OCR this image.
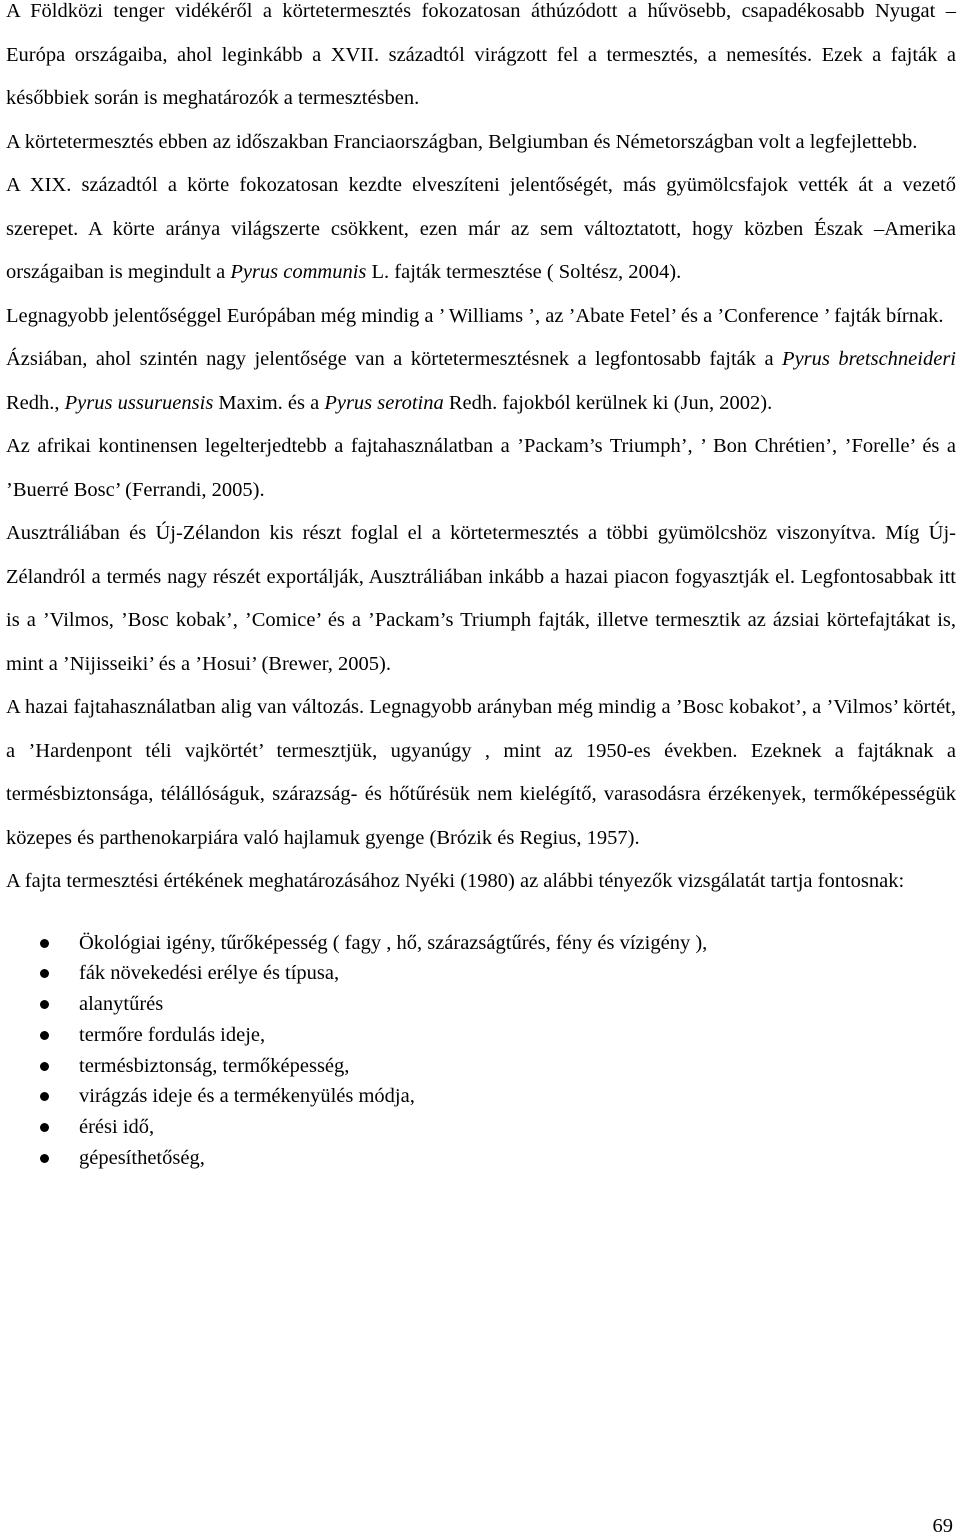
A Földközi tenger vidékéről a körtetermesztés fokozatosan áthúzódott a hűvösebb, csapadékosabb Nyugat – Európa országaiba, ahol leginkább a XVII. századtól virágzott fel a termesztés, a nemesítés. Ezek a fajták a későbbiek során is meghatározók a termesztésben.

A körtetermesztés ebben az időszakban Franciaországban, Belgiumban és Németországban volt a legfejlettebb.

A XIX. századtól a körte fokozatosan kezdte elveszíteni jelentőségét, más gyümölcsfajok vették át a vezető szerepet. A körte aránya világszerte csökkent, ezen már az sem változtatott, hogy közben Észak –Amerika országaiban is megindult a Pyrus communis L. fajták termesztése ( Soltész, 2004).

Legnagyobb jelentőséggel Európában még mindig a ’ Williams ’, az ’Abate Fetel’ és a ’Conference ’ fajták bírnak.

Ázsiában, ahol szintén nagy jelentősége van a körtetermesztésnek a legfontosabb fajták a Pyrus bretschneideri Redh., Pyrus ussuruensis Maxim. és a Pyrus serotina Redh. fajokból kerülnek ki (Jun, 2002).

Az afrikai kontinensen legelterjedtebb a fajtahasználatban a ’Packam’s Triumph’, ’ Bon Chrétien’, ’Forelle’ és a ’Buerré Bosc’ (Ferrandi, 2005).

Ausztráliában és Új-Zélandon kis részt foglal el a körtetermesztés a többi gyümölcshöz viszonyítva. Míg Új- Zélandról a termés nagy részét exportálják, Ausztráliában inkább a hazai piacon fogyasztják el. Legfontosabbak itt is a ’Vilmos, ’Bosc kobak’, ’Comice’ és a ’Packam’s Triumph fajták, illetve termesztik az ázsiai körtefajtákat is, mint a ’Nijisseiki’ és a ’Hosui’ (Brewer, 2005).

A hazai fajtahasználatban alig van változás. Legnagyobb arányban még mindig a ’Bosc kobakot’, a ’Vilmos’ körtét, a ’Hardenpont téli vajkörtét’ termesztjük, ugyanúgy , mint az 1950-es években. Ezeknek a fajtáknak a termésbiztonsága, télállóságuk, szárazság- és hőtűrésük nem kielégítő, varasodásra érzékenyek, termőképességük közepes és parthenokarpiára való hajlamuk gyenge (Brózik és Regius, 1957).

A fajta termesztési értékének meghatározásához Nyéki (1980) az alábbi tényezők vizsgálatát tartja fontosnak:

Ökológiai igény, tűrőképesség ( fagy , hő, szárazságtűrés, fény és vízigény ),
fák növekedési erélye és típusa,
alanytűrés
termőre fordulás ideje,
termésbiztonság, termőképesség,
virágzás ideje és a termékenyülés módja,
érési idő,
gépesíthetőség,
69
